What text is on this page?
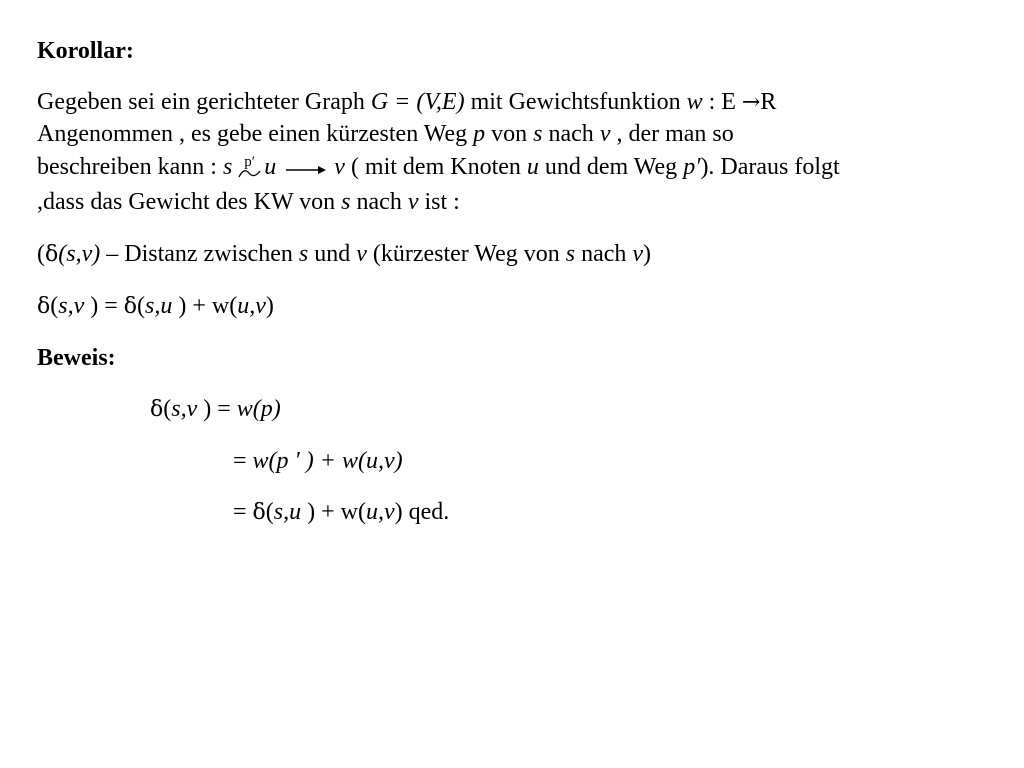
Korollar:
Gegeben sei ein gerichteter Graph G = (V,E) mit Gewichtsfunktion w : E →R
Angenommen , es gebe einen kürzesten Weg p von s nach v , der man so
beschreiben kann : s p′ u v ( mit dem Knoten u und dem Weg p′). Daraus folgt
,dass das Gewicht des KW von s nach v ist :
(δ(s,v) – Distanz zwischen s und v (kürzester Weg von s nach v)
δ(s,v ) = δ(s,u ) + w(u,v)
Beweis:
δ(s,v ) = w(p)
= w(p ′ ) + w(u,v)
= δ(s,u ) + w(u,v) qed.
